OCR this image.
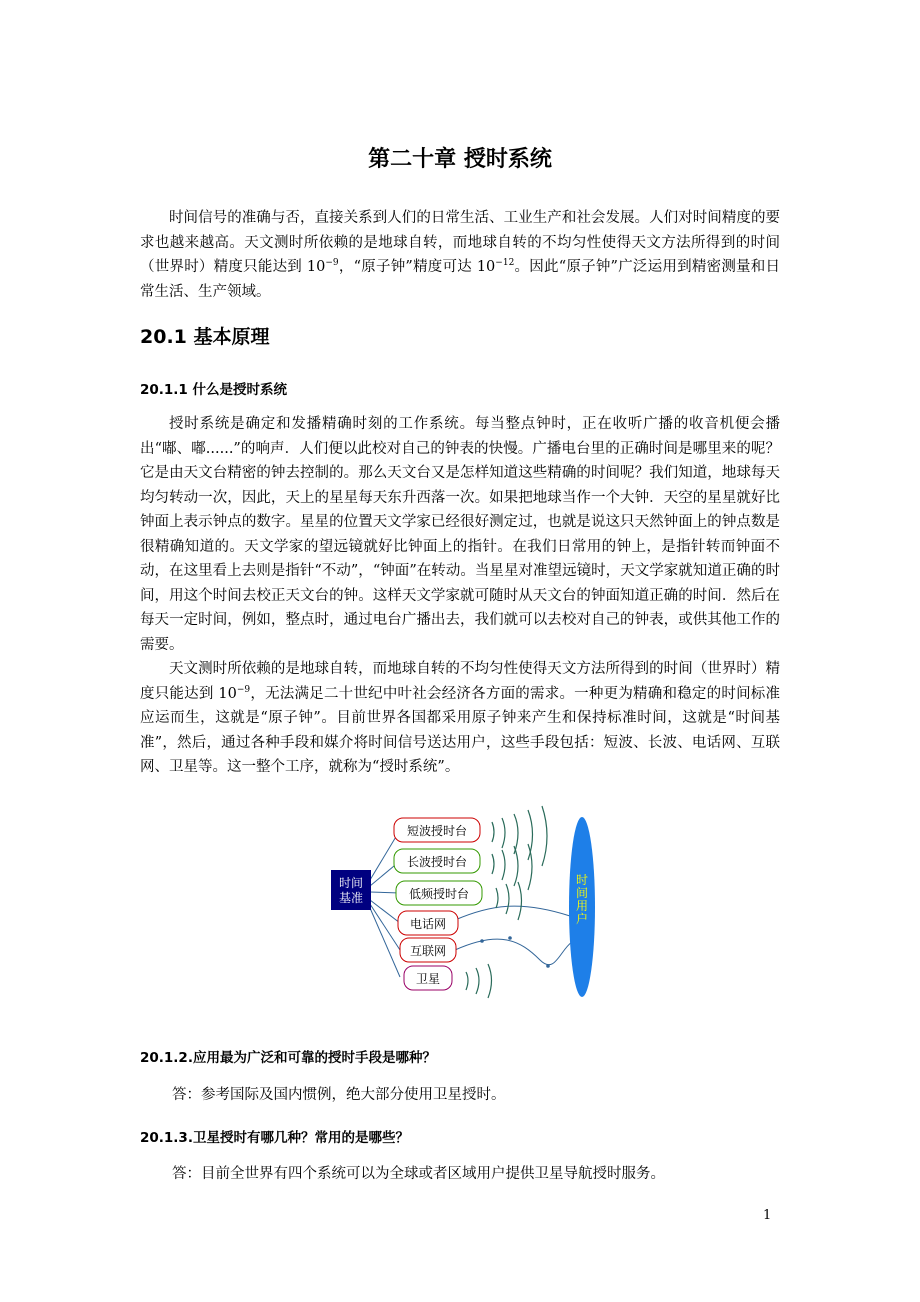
第二十章 授时系统

时间信号的准确与否，直接关系到人们的日常生活、工业生产和社会发展。人们对时间精度的要求也越来越高。天文测时所依赖的是地球自转，而地球自转的不均匀性使得天文方法所得到的时间（世界时）精度只能达到 $10^{-9}$，“原子钟”精度可达 $10^{-12}$。因此“原子钟”广泛运用到精密测量和日常生活、生产领域。

20.1 基本原理
20.1.1 什么是授时系统

授时系统是确定和发播精确时刻的工作系统。每当整点钟时，正在收听广播的收音机便会播出“嘟、嘟......”的响声．人们便以此校对自己的钟表的快慢。广播电台里的正确时间是哪里来的呢？它是由天文台精密的钟去控制的。那么天文台又是怎样知道这些精确的时间呢？我们知道，地球每天均匀转动一次，因此，天上的星星每天东升西落一次。如果把地球当作一个大钟．天空的星星就好比钟面上表示钟点的数字。星星的位置天文学家已经很好测定过，也就是说这只天然钟面上的钟点数是很精确知道的。天文学家的望远镜就好比钟面上的指针。在我们日常用的钟上，是指针转而钟面不动，在这里看上去则是指针“不动”，“钟面”在转动。当星星对准望远镜时，天文学家就知道正确的时间，用这个时间去校正天文台的钟。这样天文学家就可随时从天文台的钟面知道正确的时间．然后在每天一定时间，例如，整点时，通过电台广播出去，我们就可以去校对自己的钟表，或供其他工作的需要。

天文测时所依赖的是地球自转，而地球自转的不均匀性使得天文方法所得到的时间（世界时）精度只能达到 $10^{-9}$，无法满足二十世纪中叶社会经济各方面的需求。一种更为精确和稳定的时间标准应运而生，这就是“原子钟”。目前世界各国都采用原子钟来产生和保持标准时间，这就是“时间基准”，然后，通过各种手段和媒介将时间信号送达用户，这些手段包括：短波、长波、电话网、互联网、卫星等。这一整个工序，就称为“授时系统”。

时间
基准
短波授时台
长波授时台
低频授时台
电话网
互联网
卫星
时间用户
20.1.2.应用最为广泛和可靠的授时手段是哪种？
答：参考国际及国内惯例，绝大部分使用卫星授时。
20.1.3.卫星授时有哪几种？常用的是哪些？
答：目前全世界有四个系统可以为全球或者区域用户提供卫星导航授时服务。
1
